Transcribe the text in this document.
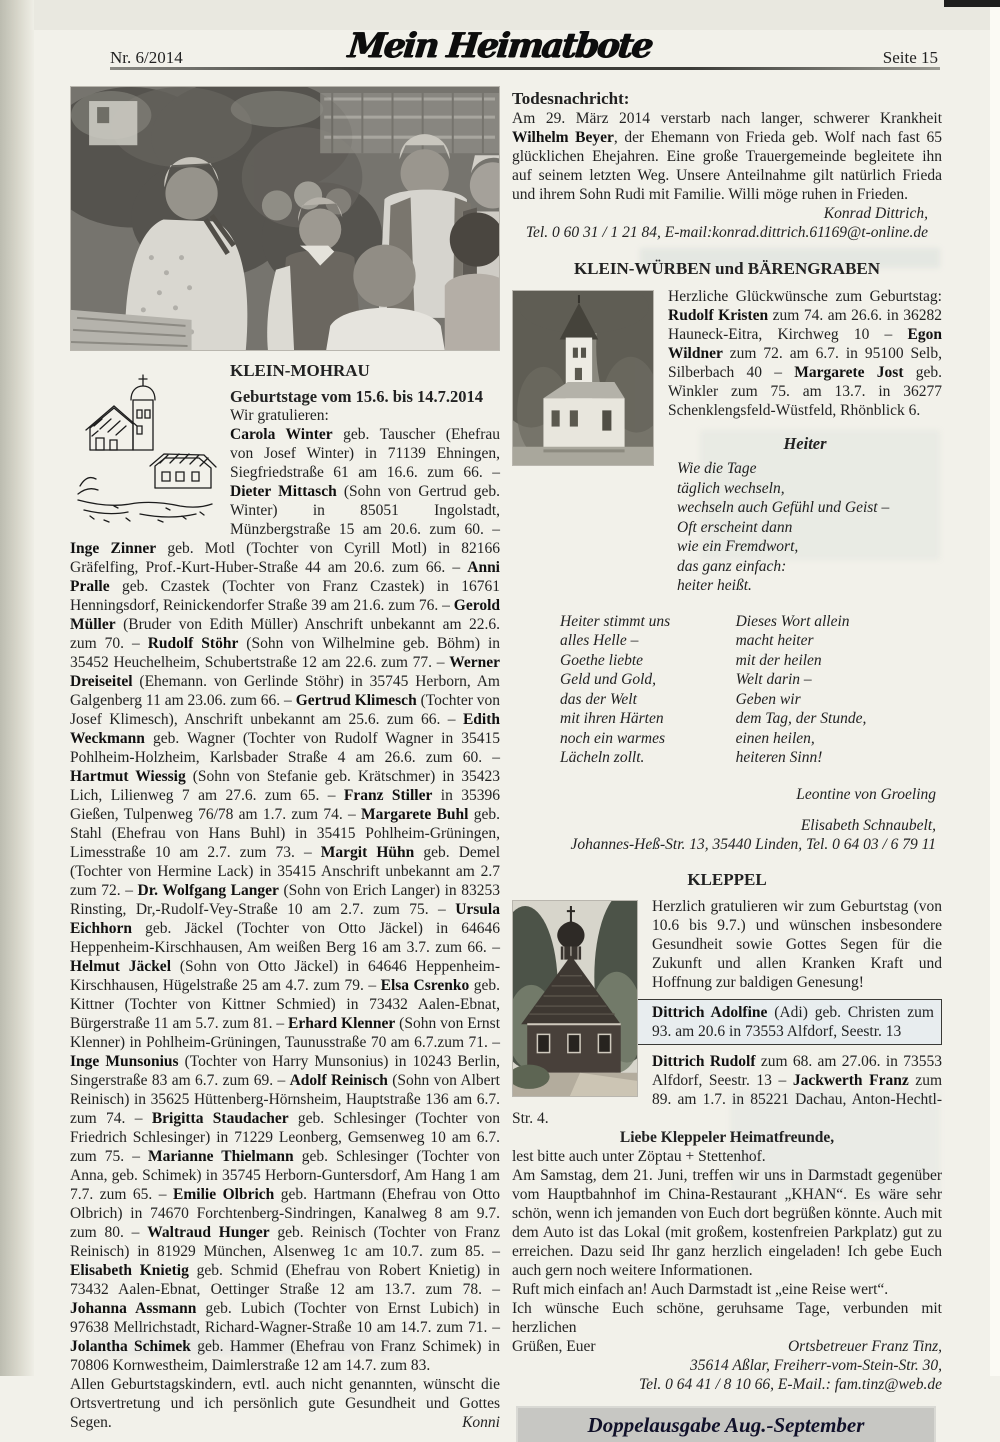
Nr. 6/2014	Mein Heimatbote	Seite 15
KLEIN-MOHRAU
Geburtstage vom 15.6. bis 14.7.2014
Wir gratulieren:

Carola Winter geb. Tauscher (Ehefrau von Josef Winter) in 71139 Ehningen, Siegfriedstraße 61 am 16.6. zum 66. – Dieter Mittasch (Sohn von Gertrud geb. Winter) in 85051 Ingolstadt, Münzbergstraße 15 am 20.6. zum 60. – Inge Zinner geb. Motl (Tochter von Cyrill Motl) in 82166 Gräfelfing, Prof.-Kurt-Huber-Straße 44 am 20.6. zum 66. – Anni Pralle geb. Czastek (Tochter von Franz Czastek) in 16761 Henningsdorf, Reinickendorfer Straße 39 am 21.6. zum 76. – Gerold Müller (Bruder von Edith Müller) Anschrift unbekannt am 22.6. zum 70. – Rudolf Stöhr (Sohn von Wilhelmine geb. Böhm) in 35452 Heuchelheim, Schubertstraße 12 am 22.6. zum 77. – Werner Dreiseitel (Ehemann. von Gerlinde Stöhr) in 35745 Herborn, Am Galgenberg 11 am 23.06. zum 66. – Gertrud Klimesch (Tochter von Josef Klimesch), Anschrift unbekannt am 25.6. zum 66. – Edith Weckmann geb. Wagner (Tochter von Rudolf Wagner in 35415 Pohlheim-Holzheim, Karlsbader Straße 4 am 26.6. zum 60. – Hartmut Wiessig (Sohn von Stefanie geb. Krätschmer) in 35423 Lich, Lilienweg 7 am 27.6. zum 65. – Franz Stiller in 35396 Gießen, Tulpenweg 76/78 am 1.7. zum 74. – Margarete Buhl geb. Stahl (Ehefrau von Hans Buhl) in 35415 Pohlheim-Grüningen, Limesstraße 10 am 2.7. zum 73. – Margit Hühn geb. Demel (Tochter von Hermine Lack) in 35415 Anschrift unbekannt am 2.7 zum 72. – Dr. Wolfgang Langer (Sohn von Erich Langer) in 83253 Rinsting, Dr,-Rudolf-Vey-Straße 10 am 2.7. zum 75. – Ursula Eichhorn geb. Jäckel (Tochter von Otto Jäckel) in 64646 Heppenheim-Kirschhausen, Am weißen Berg 16 am 3.7. zum 66. – Helmut Jäckel (Sohn von Otto Jäckel) in 64646 Heppenheim-Kirschhausen, Hügelstraße 25 am 4.7. zum 79. – Elsa Csrenko geb. Kittner (Tochter von Kittner Schmied) in 73432 Aalen-Ebnat, Bürgerstraße 11 am 5.7. zum 81. – Erhard Klenner (Sohn von Ernst Klenner) in Pohlheim-Grüningen, Taunusstraße 70 am 6.7.zum 71. – Inge Munsonius (Tochter von Harry Munsonius) in 10243 Berlin, Singerstraße 83 am 6.7. zum 69. – Adolf Reinisch (Sohn von Albert Reinisch) in 35625 Hüttenberg-Hörnsheim, Hauptstraße 136 am 6.7. zum 74. – Brigitta Staudacher geb. Schlesinger (Tochter von Friedrich Schlesinger) in 71229 Leonberg, Gemsenweg 10 am 6.7. zum 75. – Marianne Thielmann geb. Schlesinger (Tochter von Anna, geb. Schimek) in 35745 Herborn-Guntersdorf, Am Hang 1 am 7.7. zum 65. – Emilie Olbrich geb. Hartmann (Ehefrau von Otto Olbrich) in 74670 Forchtenberg-Sindringen, Kanalweg 8 am 9.7. zum 80. – Waltraud Hunger geb. Reinisch (Tochter von Franz Reinisch) in 81929 München, Alsenweg 1c am 10.7. zum 85. – Elisabeth Knietig geb. Schmid (Ehefrau von Robert Knietig) in 73432 Aalen-Ebnat, Oettinger Straße 12 am 13.7. zum 78. – Johanna Assmann geb. Lubich (Tochter von Ernst Lubich) in 97638 Mellrichstadt, Richard-Wagner-Straße 10 am 14.7. zum 71. – Jolantha Schimek geb. Hammer (Ehefrau von Franz Schimek) in 70806 Kornwestheim, Daimlerstraße 12 am 14.7. zum 83.

Allen Geburtstagskindern, evtl. auch nicht genannten, wünscht die Ortsvertretung und ich persönlich gute Gesundheit und Gottes Segen.	Konni

Todesnachricht:

Am 29. März 2014 verstarb nach langer, schwerer Krankheit Wilhelm Beyer, der Ehemann von Frieda geb. Wolf nach fast 65 glücklichen Ehejahren. Eine große Trauergemeinde begleitete ihn auf seinem letzten Weg. Unsere Anteilnahme gilt natürlich Frieda und ihrem Sohn Rudi mit Familie. Willi möge ruhen in Frieden.

Konrad Dittrich,
Tel. 0 60 31 / 1 21 84, E-mail:konrad.dittrich.61169@t-online.de
KLEIN-WÜRBEN und BÄRENGRABEN

Herzliche Glückwünsche zum Geburtstag: Rudolf Kristen zum 74. am 26.6. in 36282 Hauneck-Eitra, Kirchweg 10 – Egon Wildner zum 72. am 6.7. in 95100 Selb, Silberbach 40 – Margarete Jost geb. Winkler zum 75. am 13.7. in 36277 Schenklengsfeld-Wüstfeld, Rhönblick 6.

Heiter
Wie die Tage
täglich wechseln,
wechseln auch Gefühl und Geist –
Oft erscheint dann
wie ein Fremdwort,
das ganz einfach:
heiter heißt.
Heiter stimmt uns
alles Helle –
Goethe liebte
Geld und Gold,
das der Welt
mit ihren Härten
noch ein warmes
Lächeln zollt.
Dieses Wort allein
macht heiter
mit der heilen
Welt darin –
Geben wir
dem Tag, der Stunde,
einen heilen,
heiteren Sinn!
Leontine von Groeling
Elisabeth Schnaubelt,
Johannes-Heß-Str. 13, 35440 Linden, Tel. 0 64 03 / 6 79 11
KLEPPEL

Herzlich gratulieren wir zum Geburtstag (von 10.6 bis 9.7.) und wünschen insbesondere Gesundheit sowie Gottes Segen für die Zukunft und allen Kranken Kraft und Hoffnung zur baldigen Genesung!

Dittrich Adolfine (Adi) geb. Christen zum 93. am 20.6 in 73553 Alfdorf, Seestr. 13

Dittrich Rudolf zum 68. am 27.06. in 73553 Alfdorf, Seestr. 13 – Jackwerth Franz zum 89. am 1.7. in 85221 Dachau, Anton-Hechtl-Str. 4.

Liebe Kleppeler Heimatfreunde,

lest bitte auch unter Zöptau + Stettenhof.

Am Samstag, dem 21. Juni, treffen wir uns in Darmstadt gegenüber vom Hauptbahnhof im China-Restaurant „KHAN“. Es wäre sehr schön, wenn ich jemanden von Euch dort begrüßen könnte. Auch mit dem Auto ist das Lokal (mit großem, kostenfreien Parkplatz) gut zu erreichen. Dazu seid Ihr ganz herzlich eingeladen! Ich gebe Euch auch gern noch weitere Informationen.

Ruft mich einfach an! Auch Darmstadt ist „eine Reise wert“.

Ich wünsche Euch schöne, geruhsame Tage, verbunden mit herzlichen

Grüßen, Euer	Ortsbetreuer Franz Tinz,

35614 Aßlar, Freiherr-vom-Stein-Str. 30,
Tel. 0 64 41 / 8 10 66, E-Mail.: fam.tinz@web.de
Doppelausgabe Aug.-September
